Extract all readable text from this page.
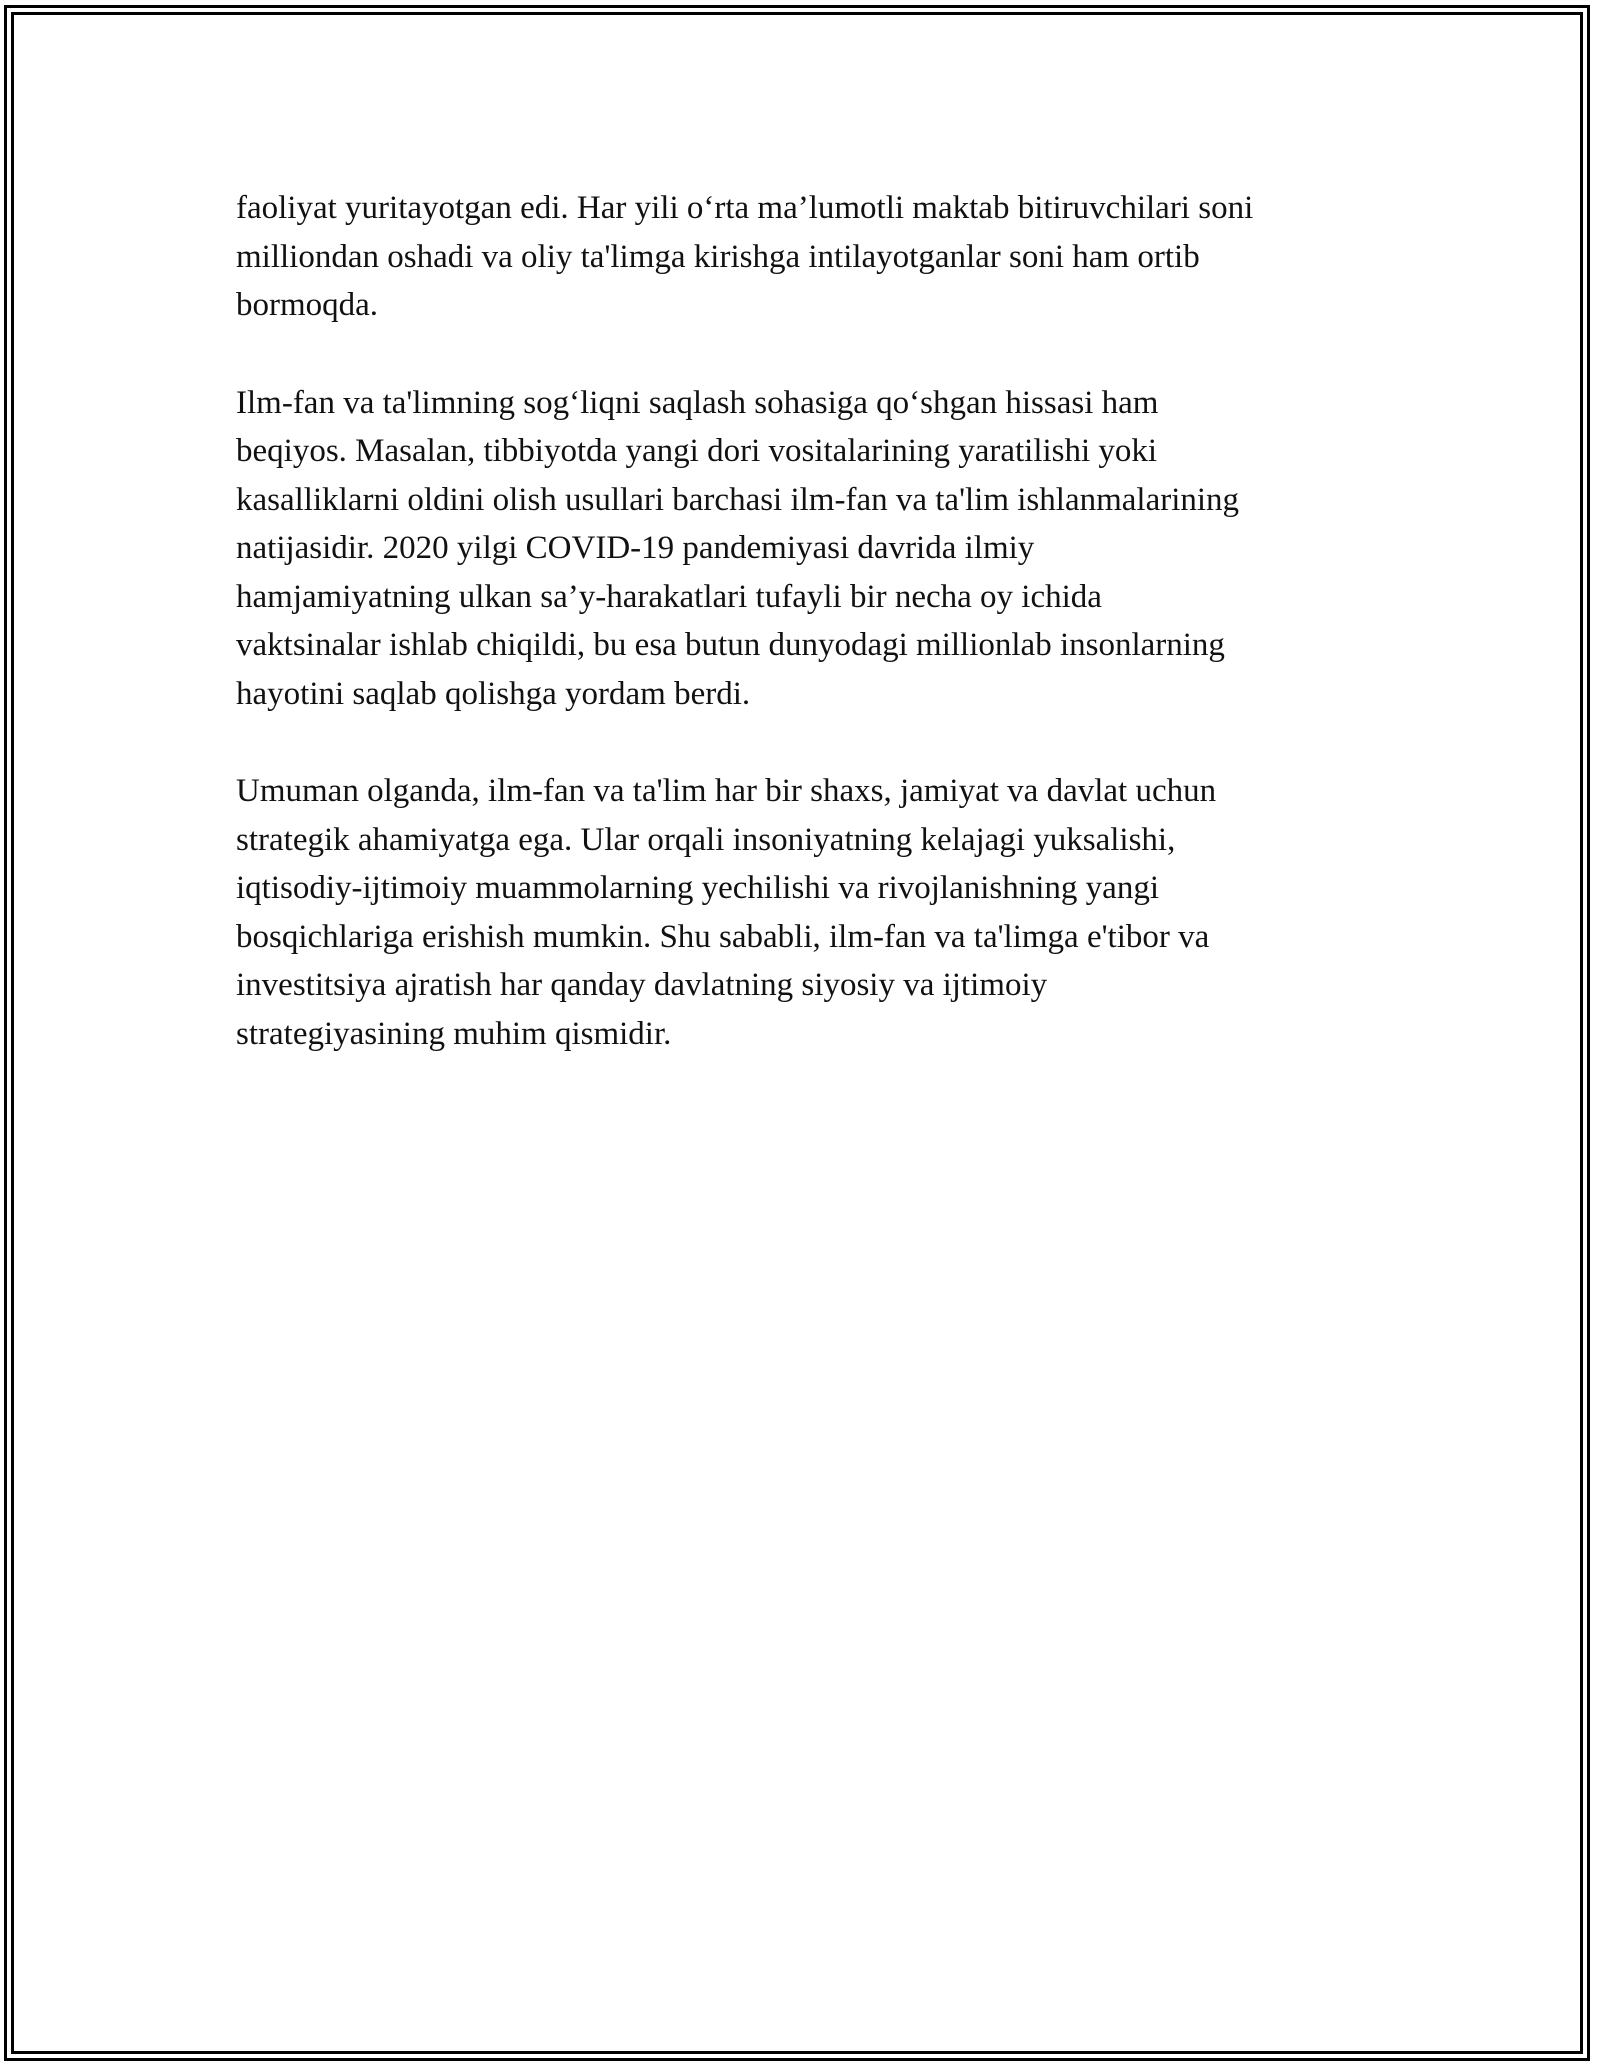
faoliyat yuritayotgan edi. Har yili o‘rta ma’lumotli maktab bitiruvchilari soni
milliondan oshadi va oliy ta'limga kirishga intilayotganlar soni ham ortib
bormoqda.

Ilm-fan va ta'limning sog‘liqni saqlash sohasiga qo‘shgan hissasi ham
beqiyos. Masalan, tibbiyotda yangi dori vositalarining yaratilishi yoki
kasalliklarni oldini olish usullari barchasi ilm-fan va ta'lim ishlanmalarining
natijasidir. 2020 yilgi COVID-19 pandemiyasi davrida ilmiy
hamjamiyatning ulkan sa’y-harakatlari tufayli bir necha oy ichida
vaktsinalar ishlab chiqildi, bu esa butun dunyodagi millionlab insonlarning
hayotini saqlab qolishga yordam berdi.

Umuman olganda, ilm-fan va ta'lim har bir shaxs, jamiyat va davlat uchun
strategik ahamiyatga ega. Ular orqali insoniyatning kelajagi yuksalishi,
iqtisodiy-ijtimoiy muammolarning yechilishi va rivojlanishning yangi
bosqichlariga erishish mumkin. Shu sababli, ilm-fan va ta'limga e'tibor va
investitsiya ajratish har qanday davlatning siyosiy va ijtimoiy
strategiyasining muhim qismidir.
